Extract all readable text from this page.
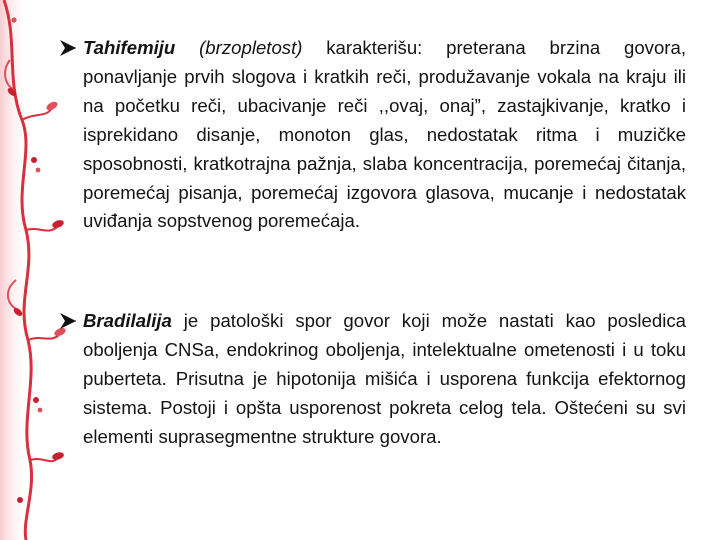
Tahifemiju (brzopletost) karakterišu: preterana brzina govora, ponavljanje prvih slogova i kratkih reči, produžavanje vokala na kraju ili na početku reči, ubacivanje reči ,,ovaj, onaj”, zastajkivanje, kratko i isprekidano disanje, monoton glas, nedostatak ritma i muzičke sposobnosti, kratkotrajna pažnja, slaba koncentracija, poremećaj čitanja, poremećaj pisanja, poremećaj izgovora glasova, mucanje i nedostatak uviđanja sopstvenog poremećaja.
Bradilalija je patološki spor govor koji može nastati kao posledica oboljenja CNSa, endokrinog oboljenja, intelektualne ometenosti i u toku puberteta. Prisutna je hipotonija mišića i usporena funkcija efektornog sistema. Postoji i opšta usporenost pokreta celog tela. Oštećeni su svi elementi suprasegmentne strukture govora.
